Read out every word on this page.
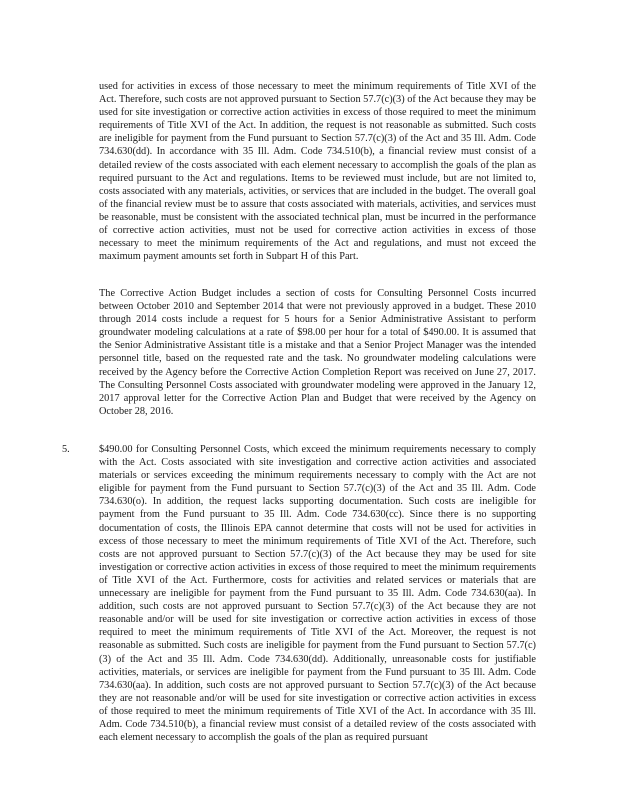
used for activities in excess of those necessary to meet the minimum requirements of Title XVI of the Act. Therefore, such costs are not approved pursuant to Section 57.7(c)(3) of the Act because they may be used for site investigation or corrective action activities in excess of those required to meet the minimum requirements of Title XVI of the Act. In addition, the request is not reasonable as submitted. Such costs are ineligible for payment from the Fund pursuant to Section 57.7(c)(3) of the Act and 35 Ill. Adm. Code 734.630(dd). In accordance with 35 Ill. Adm. Code 734.510(b), a financial review must consist of a detailed review of the costs associated with each element necessary to accomplish the goals of the plan as required pursuant to the Act and regulations. Items to be reviewed must include, but are not limited to, costs associated with any materials, activities, or services that are included in the budget. The overall goal of the financial review must be to assure that costs associated with materials, activities, and services must be reasonable, must be consistent with the associated technical plan, must be incurred in the performance of corrective action activities, must not be used for corrective action activities in excess of those necessary to meet the minimum requirements of the Act and regulations, and must not exceed the maximum payment amounts set forth in Subpart H of this Part.

The Corrective Action Budget includes a section of costs for Consulting Personnel Costs incurred between October 2010 and September 2014 that were not previously approved in a budget. These 2010 through 2014 costs include a request for 5 hours for a Senior Administrative Assistant to perform groundwater modeling calculations at a rate of $98.00 per hour for a total of $490.00. It is assumed that the Senior Administrative Assistant title is a mistake and that a Senior Project Manager was the intended personnel title, based on the requested rate and the task. No groundwater modeling calculations were received by the Agency before the Corrective Action Completion Report was received on June 27, 2017. The Consulting Personnel Costs associated with groundwater modeling were approved in the January 12, 2017 approval letter for the Corrective Action Plan and Budget that were received by the Agency on October 28, 2016.

5.	$490.00 for Consulting Personnel Costs, which exceed the minimum requirements necessary to comply with the Act. Costs associated with site investigation and corrective action activities and associated materials or services exceeding the minimum requirements necessary to comply with the Act are not eligible for payment from the Fund pursuant to Section 57.7(c)(3) of the Act and 35 Ill. Adm. Code 734.630(o). In addition, the request lacks supporting documentation. Such costs are ineligible for payment from the Fund pursuant to 35 Ill. Adm. Code 734.630(cc). Since there is no supporting documentation of costs, the Illinois EPA cannot determine that costs will not be used for activities in excess of those necessary to meet the minimum requirements of Title XVI of the Act. Therefore, such costs are not approved pursuant to Section 57.7(c)(3) of the Act because they may be used for site investigation or corrective action activities in excess of those required to meet the minimum requirements of Title XVI of the Act. Furthermore, costs for activities and related services or materials that are unnecessary are ineligible for payment from the Fund pursuant to 35 Ill. Adm. Code 734.630(aa). In addition, such costs are not approved pursuant to Section 57.7(c)(3) of the Act because they are not reasonable and/or will be used for site investigation or corrective action activities in excess of those required to meet the minimum requirements of Title XVI of the Act. Moreover, the request is not reasonable as submitted. Such costs are ineligible for payment from the Fund pursuant to Section 57.7(c)(3) of the Act and 35 Ill. Adm. Code 734.630(dd). Additionally, unreasonable costs for justifiable activities, materials, or services are ineligible for payment from the Fund pursuant to 35 Ill. Adm. Code 734.630(aa). In addition, such costs are not approved pursuant to Section 57.7(c)(3) of the Act because they are not reasonable and/or will be used for site investigation or corrective action activities in excess of those required to meet the minimum requirements of Title XVI of the Act. In accordance with 35 Ill. Adm. Code 734.510(b), a financial review must consist of a detailed review of the costs associated with each element necessary to accomplish the goals of the plan as required pursuant
